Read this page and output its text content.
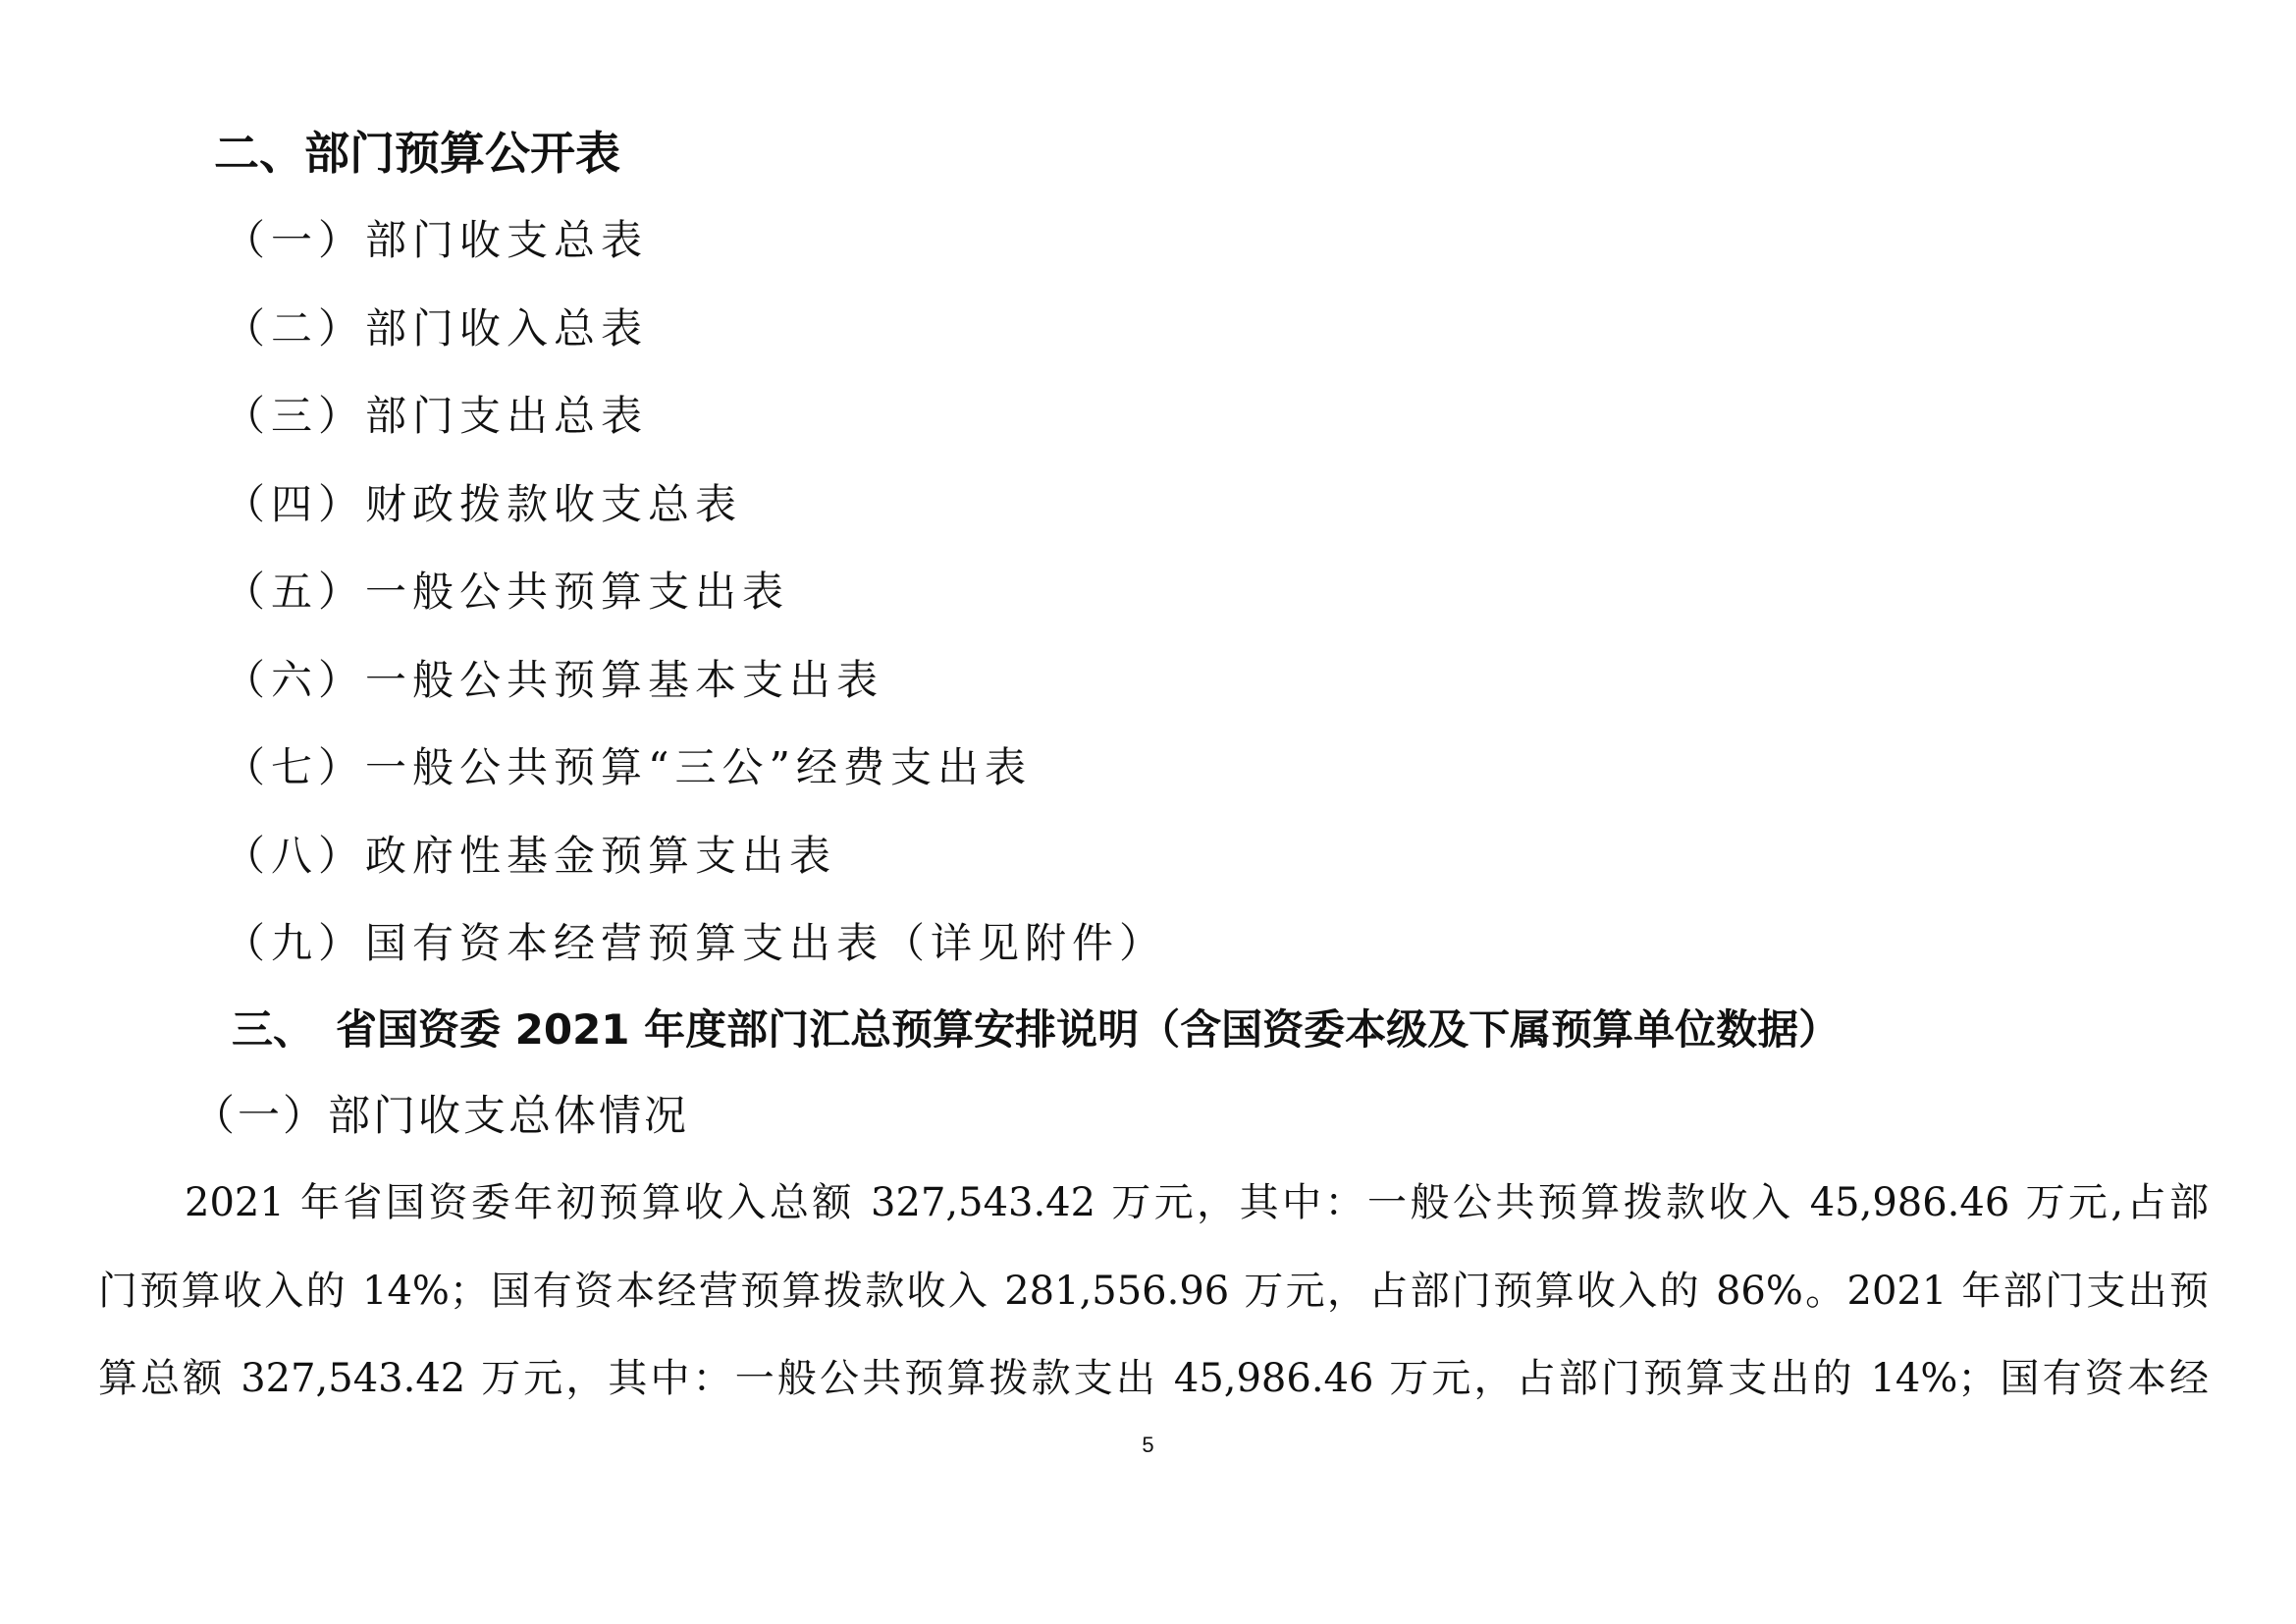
二、部门预算公开表
（一）部门收支总表
（二）部门收入总表
（三）部门支出总表
（四）财政拨款收支总表
（五）一般公共预算支出表
（六）一般公共预算基本支出表
（七）一般公共预算“三公”经费支出表
（八）政府性基金预算支出表
（九）国有资本经营预算支出表（详见附件）
三、 省国资委 2021 年度部门汇总预算安排说明（含国资委本级及下属预算单位数据）
（一）部门收支总体情况
2021 年省国资委年初预算收入总额 327,543.42 万元，其中：一般公共预算拨款收入 45,986.46 万元,占部
门预算收入的 14%；国有资本经营预算拨款收入 281,556.96 万元，占部门预算收入的 86%。2021 年部门支出预
算总额 327,543.42 万元，其中：一般公共预算拨款支出 45,986.46 万元，占部门预算支出的 14%；国有资本经
5
